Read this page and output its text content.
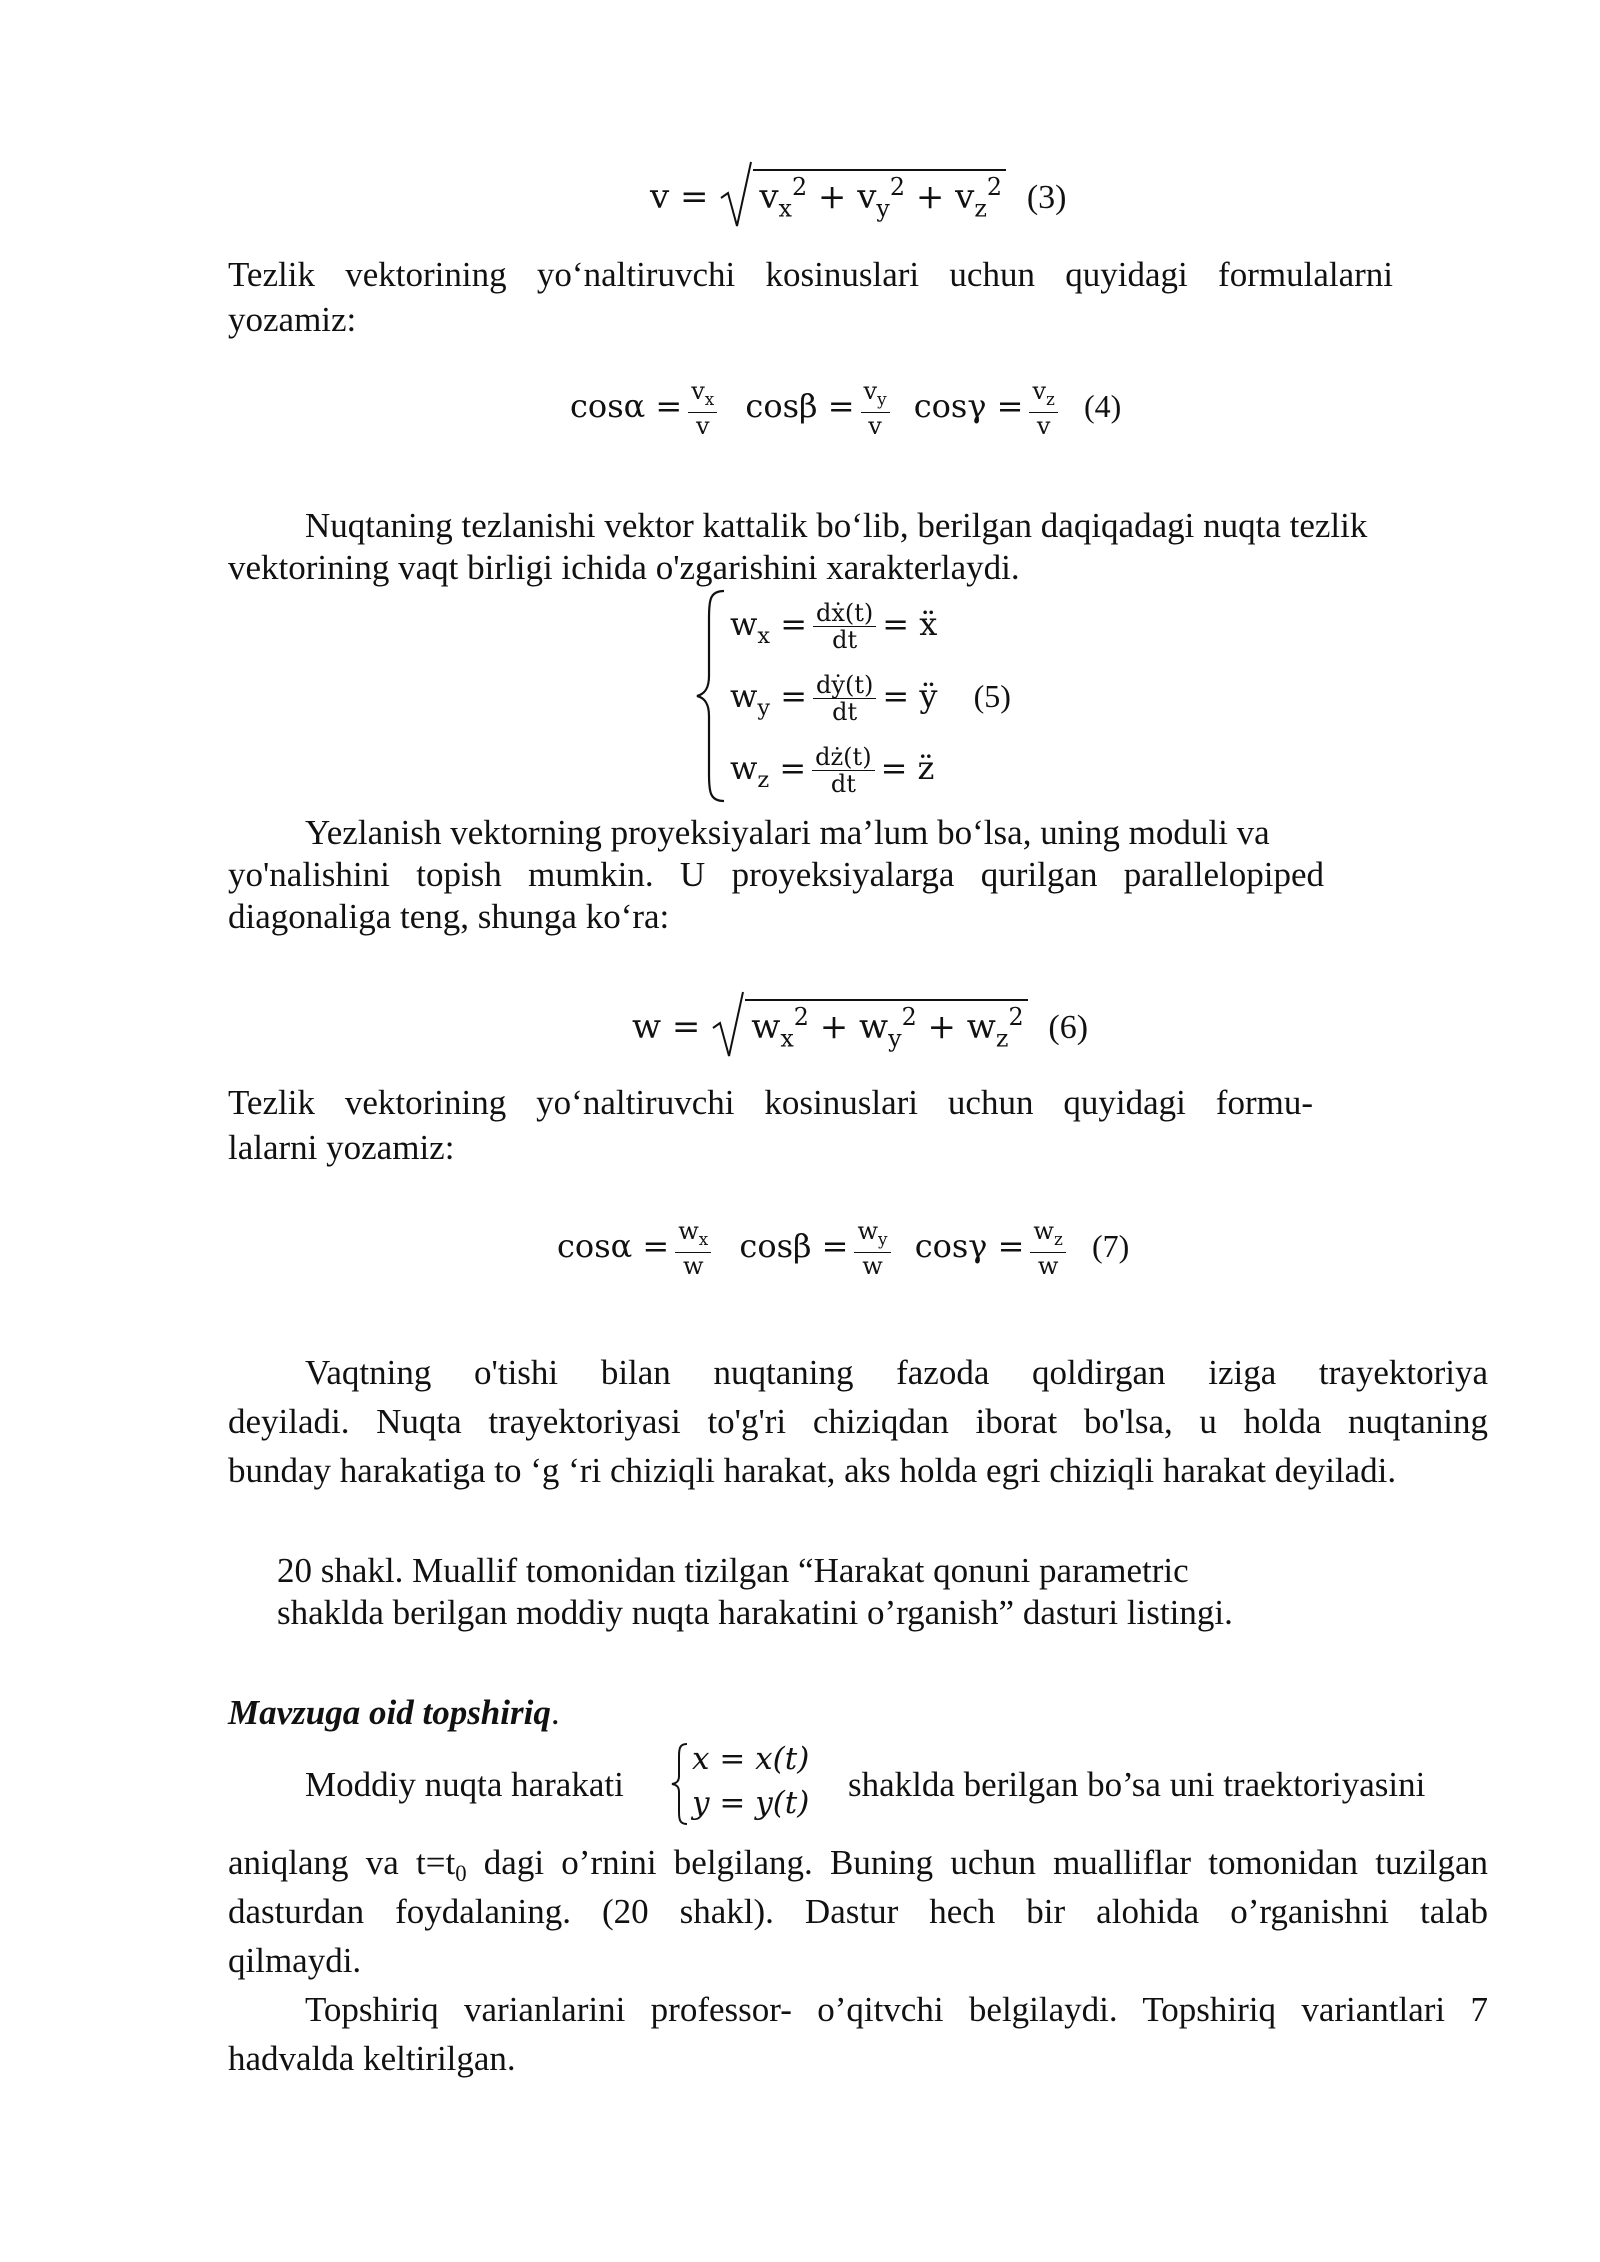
$v = v_x^2 + v_y^2 + v_z^2$ (3)
Tezlik vektorining yo‘naltiruvchi kosinuslari uchun quyidagi formulalarni
yozamiz:
$\cos\alpha = \frac{v_x}{v}$ $\cos\beta = \frac{v_y}{v}$ $\cos\gamma = \frac{v_z}{v} (4)$
Nuqtaning tezlanishi vektor kattalik bo‘lib, berilgan daqiqadagi nuqta tezlik
vektorining vaqt birligi ichida o'zgarishini xarakterlaydi.
$w_x = \frac{\text{dẋ(t)}}{dt}$ = ẍ
$w_y = \frac{\text{dẏ(t)}}{dt}$ = ÿ (5)
$w_z = \frac{dż(t)}{dt}$ = z̈
Yezlanish vektorning proyeksiyalari ma’lum bo‘lsa, uning moduli va
yo'nalishini topish mumkin. U proyeksiyalarga qurilgan parallelopiped
diagonaliga teng, shunga ko‘ra:
$w = w_x^2 + w_y^2 + w_z^2$ (6)
Tezlik vektorining yo‘naltiruvchi kosinuslari uchun quyidagi formu-
lalarni yozamiz:
$\cos\alpha = \frac{w_x}{w}$ $\cos\beta = \frac{w_y}{w}$ $\cos\gamma = \frac{w_z}{w} (7)$
Vaqtning o'tishi bilan nuqtaning fazoda qoldirgan iziga trayektoriya
deyiladi. Nuqta trayektoriyasi to'g'ri chiziqdan iborat bo'lsa, u holda nuqtaning
bunday harakatiga to ‘g ‘ri chiziqli harakat, aks holda egri chiziqli harakat deyiladi.
20 shakl. Muallif tomonidan tizilgan “Harakat qonuni parametric
shaklda berilgan moddiy nuqta harakatini o’rganish” dasturi listingi.
Mavzuga oid topshiriq.
Moddiy nuqta harakati
x = x(t)
y = y(t) shaklda berilgan bo’sa uni traektoriyasini
aniqlang va t=t0 dagi o’rnini belgilang. Buning uchun mualliflar tomonidan tuzilgan
dasturdan foydalaning. (20 shakl). Dastur hech bir alohida o’rganishni talab
qilmaydi.
Topshiriq varianlarini professor- o’qitvchi belgilaydi. Topshiriq variantlari 7
hadvalda keltirilgan.
